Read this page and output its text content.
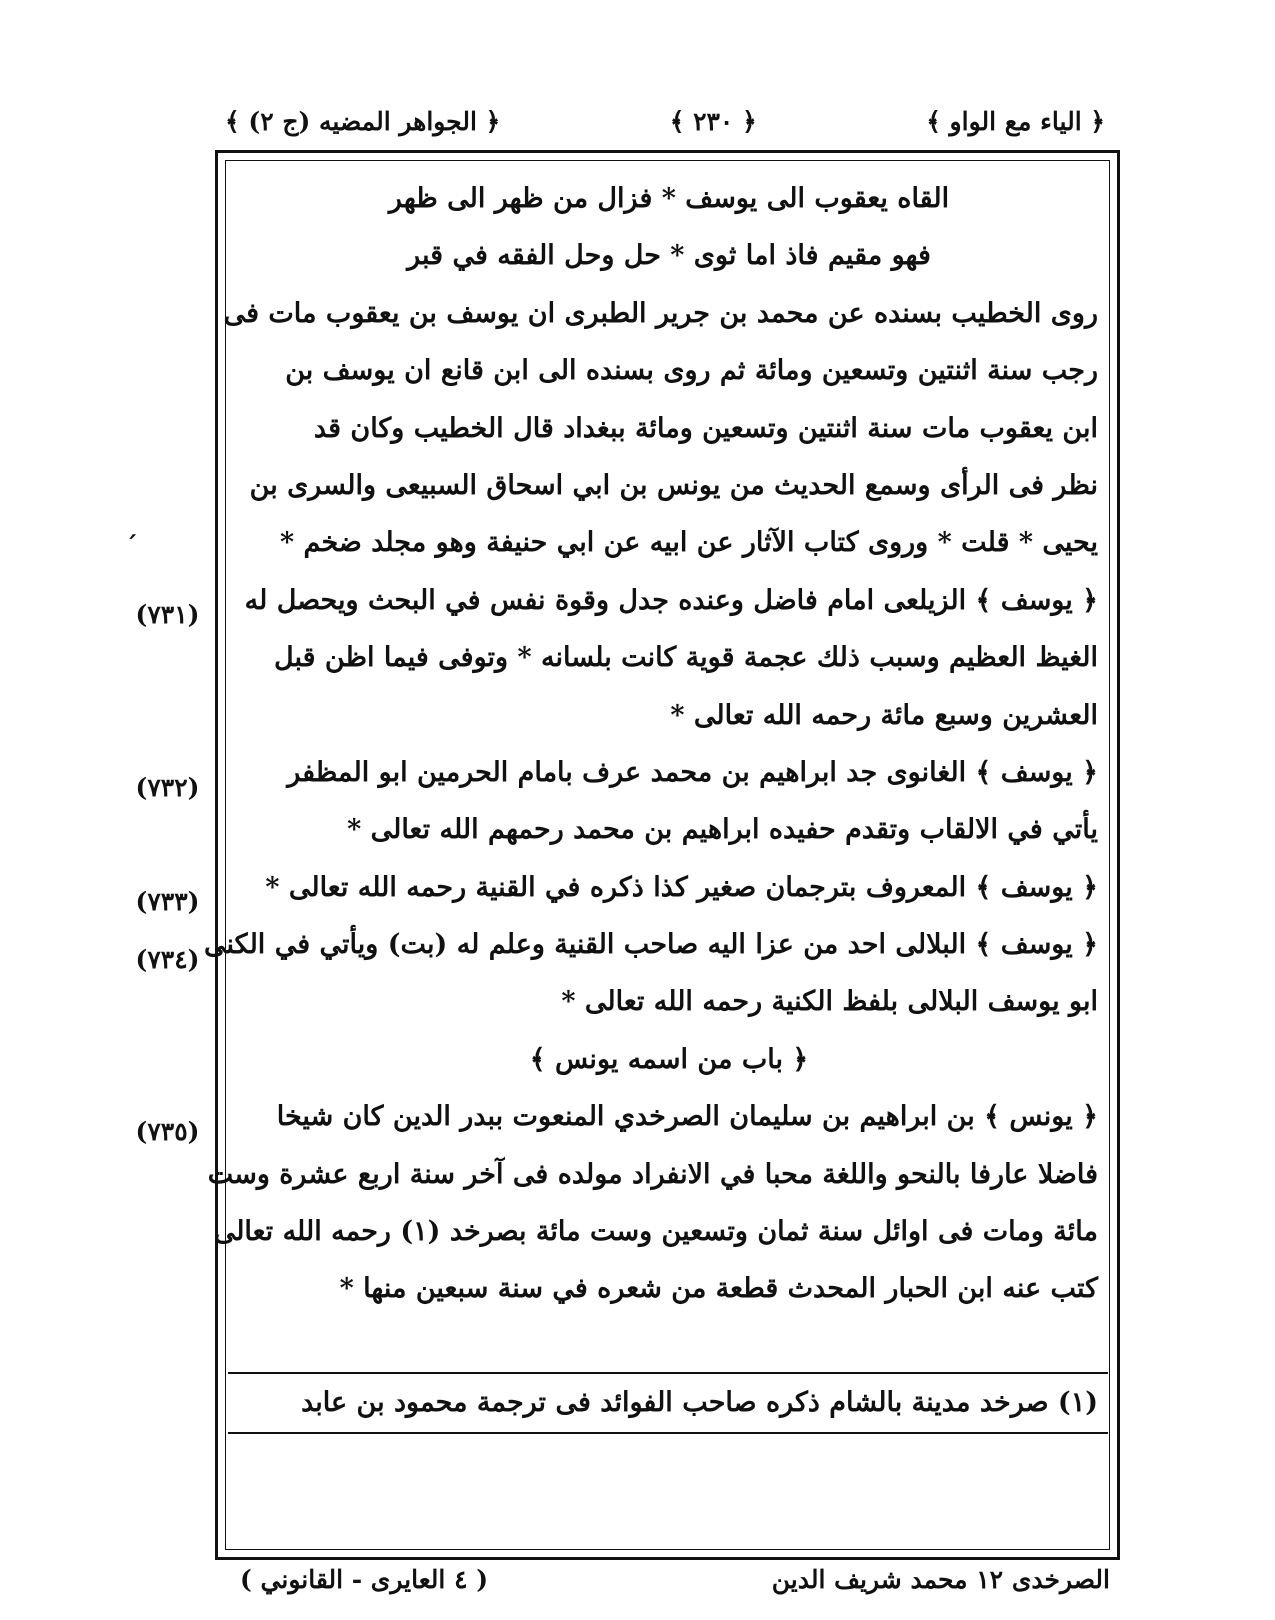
﴿ الياء مع الواو ﴾
﴿ ٢٣٠ ﴾
﴿ الجواهر المضيه (ج ٢) ﴾
القاه يعقوب الى يوسف * فزال من ظهر الى ظهر
فهو مقيم فاذ اما ثوى * حل وحل الفقه في قبر
روى الخطيب بسنده عن محمد بن جرير الطبرى ان يوسف بن يعقوب مات فى
رجب سنة اثنتين وتسعين ومائة ثم روى بسنده الى ابن قانع ان يوسف بن
ابن يعقوب مات سنة اثنتين وتسعين ومائة ببغداد قال الخطيب وكان قد
نظر فى الرأى وسمع الحديث من يونس بن ابي اسحاق السبيعى والسرى بن
يحيى * قلت * وروى كتاب الآثار عن ابيه عن ابي حنيفة وهو مجلد ضخم *
﴿ يوسف ﴾ الزيلعى امام فاضل وعنده جدل وقوة نفس في البحث ويحصل له
الغيظ العظيم وسبب ذلك عجمة قوية كانت بلسانه * وتوفى فيما اظن قبل
العشرين وسبع مائة رحمه الله تعالى *
﴿ يوسف ﴾ الغانوى جد ابراهيم بن محمد عرف بامام الحرمين ابو المظفر
يأتي في الالقاب وتقدم حفيده ابراهيم بن محمد رحمهم الله تعالى *
﴿ يوسف ﴾ المعروف بترجمان صغير كذا ذكره في القنية رحمه الله تعالى *
﴿ يوسف ﴾ البلالى احد من عزا اليه صاحب القنية وعلم له (بت) ويأتي في الكنى
ابو يوسف البلالى بلفظ الكنية رحمه الله تعالى *
﴿ باب من اسمه يونس ﴾
﴿ يونس ﴾ بن ابراهيم بن سليمان الصرخدي المنعوت ببدر الدين كان شيخا
فاضلا عارفا بالنحو واللغة محبا في الانفراد مولده فى آخر سنة اربع عشرة وست
مائة ومات فى اوائل سنة ثمان وتسعين وست مائة بصرخد (١) رحمه الله تعالى
كتب عنه ابن الحبار المحدث قطعة من شعره في سنة سبعين منها *
(١) صرخد مدينة بالشام ذكره صاحب الفوائد فى ترجمة محمود بن عابد
(٧٣١)
(٧٣٢)
(٧٣٣)
(٧٣٤)
(٧٣٥)
ˊ
الصرخدى ١٢ محمد شريف الدين
( ٤ العايرى - القانوني )
